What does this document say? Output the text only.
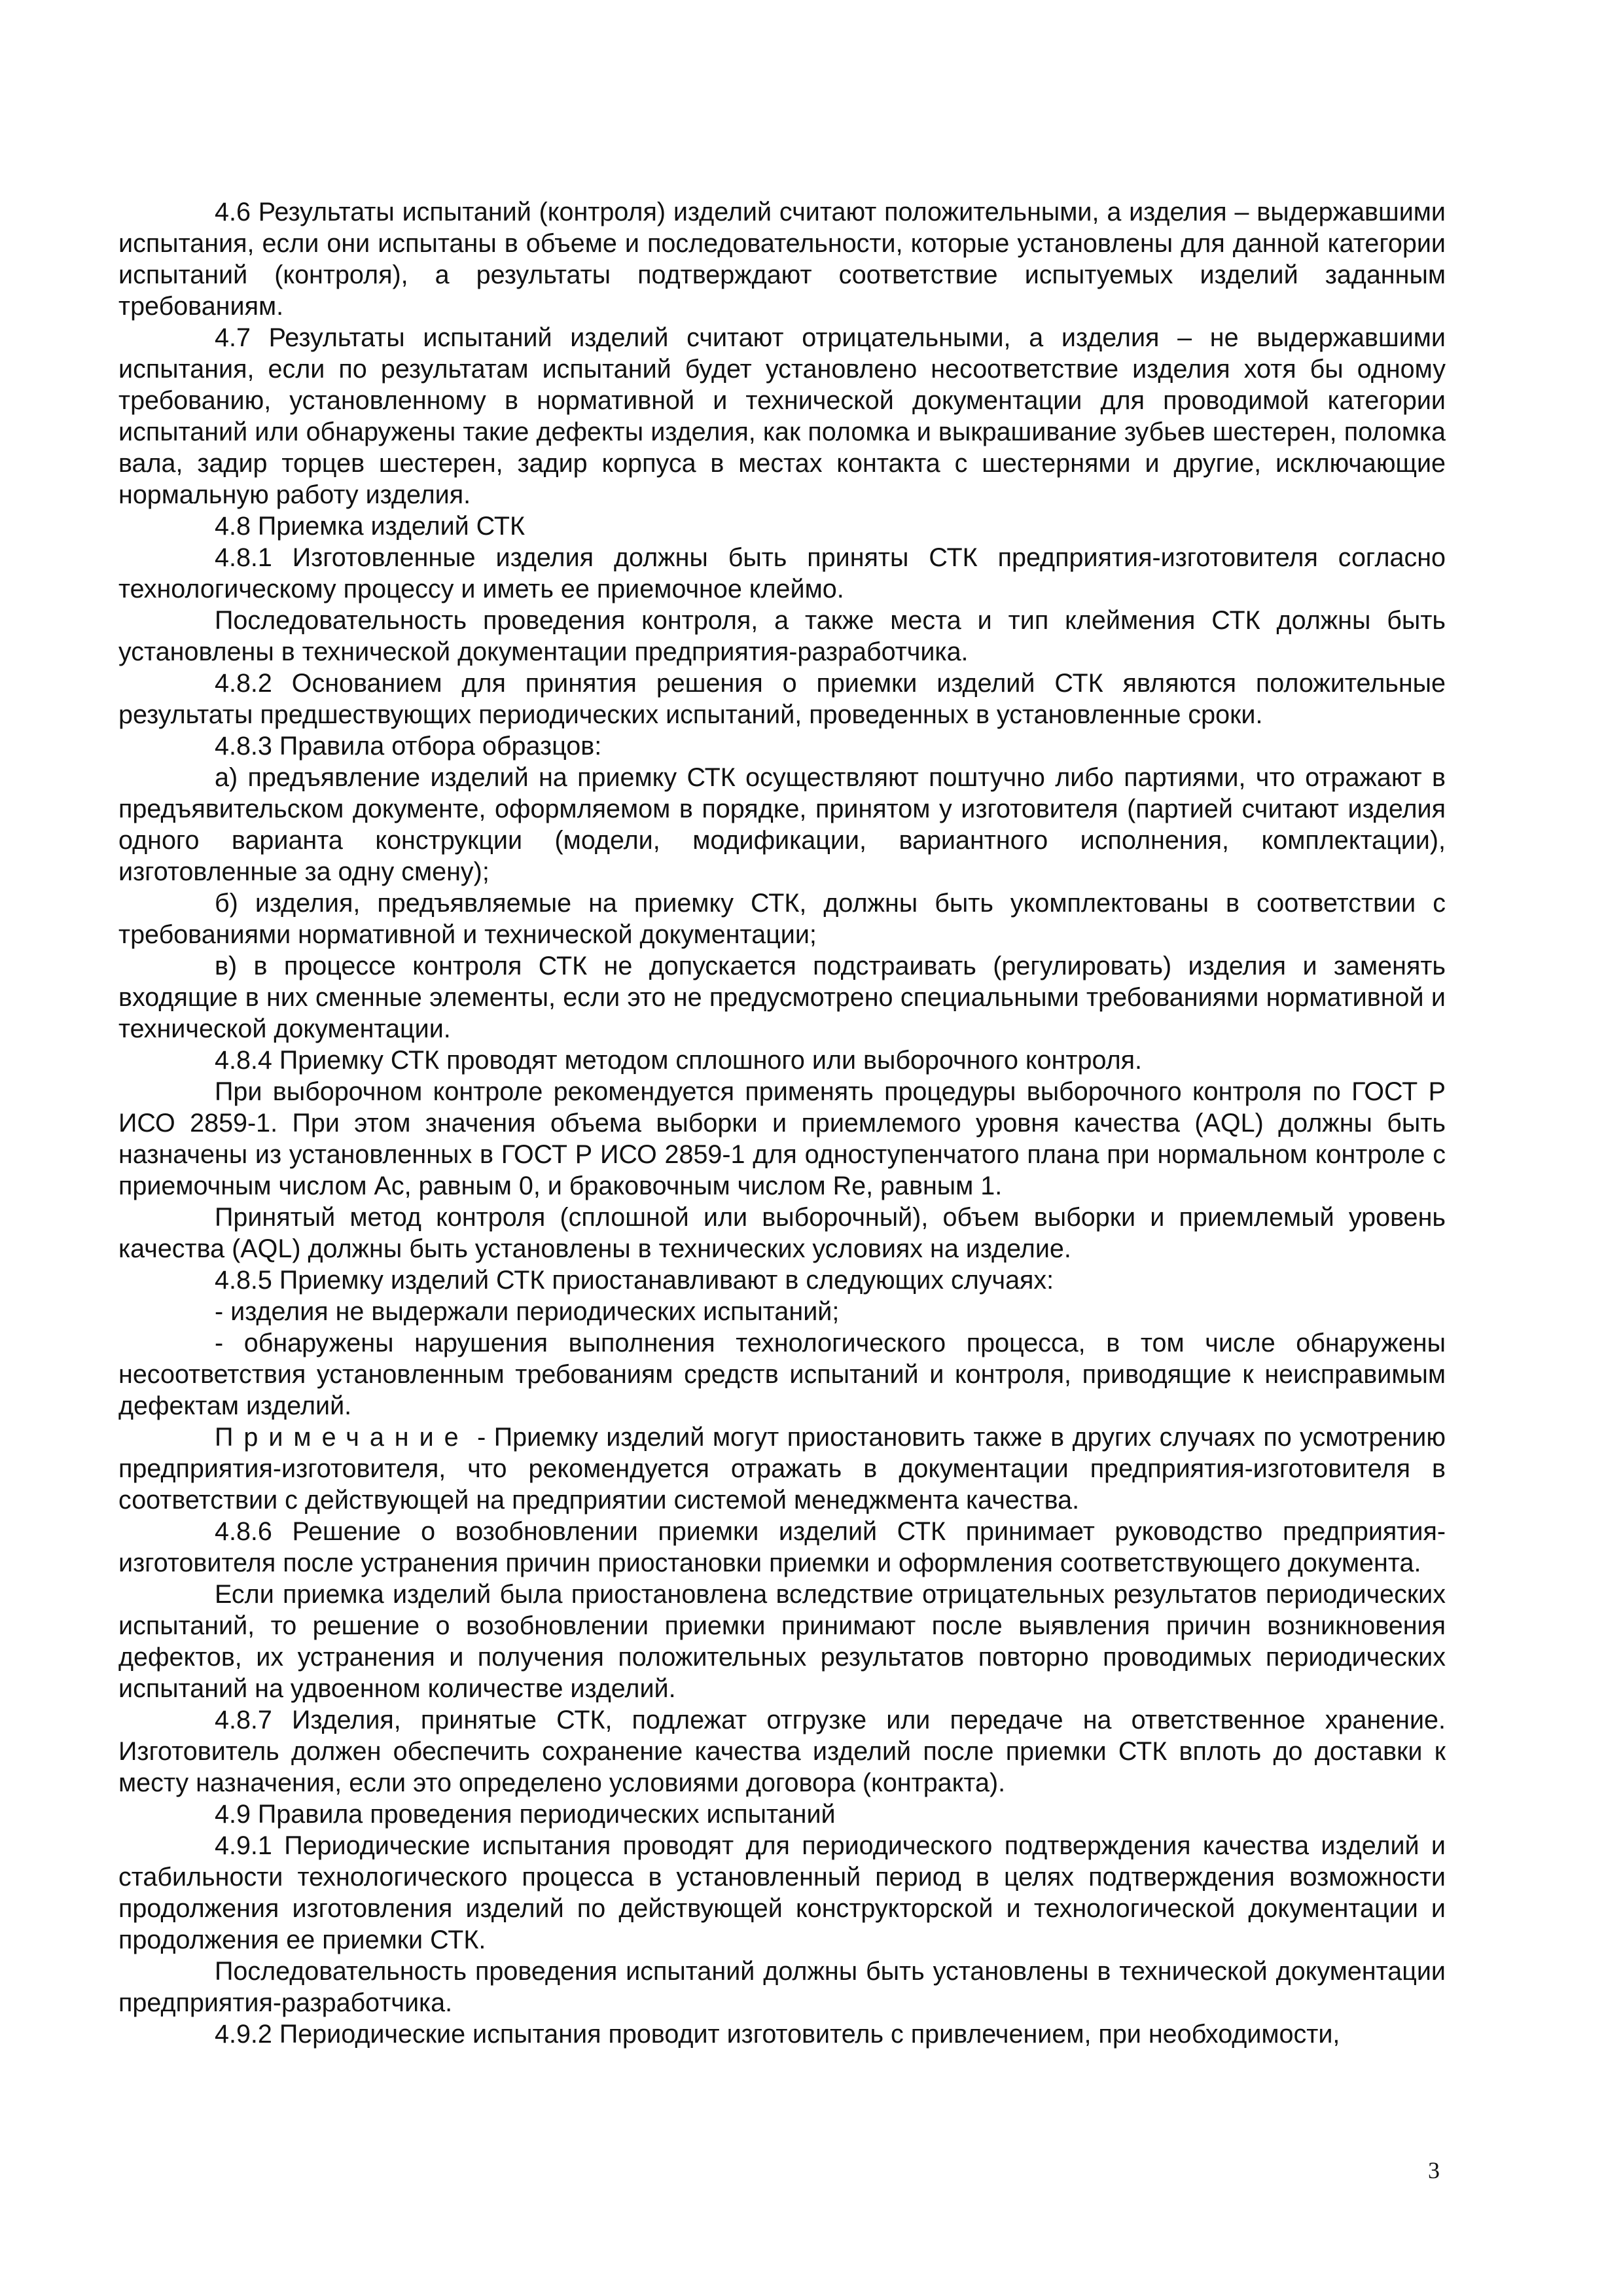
4.6 Результаты испытаний (контроля) изделий считают положительными, а изделия – выдержавшими испытания, если они испытаны в объеме и последовательности, которые установлены для данной категории испытаний (контроля), а результаты подтверждают соответствие испытуемых изделий заданным требованиям.

4.7 Результаты испытаний изделий считают отрицательными, а изделия – не выдержавшими испытания, если по результатам испытаний будет установлено несоответствие изделия хотя бы одному требованию, установленному в нормативной и технической документации для проводимой категории испытаний или обнаружены такие дефекты изделия, как поломка и выкрашивание зубьев шестерен, поломка вала, задир торцев шестерен, задир корпуса в местах контакта с шестернями и другие, исключающие нормальную работу изделия.

4.8 Приемка изделий СТК

4.8.1 Изготовленные изделия должны быть приняты СТК предприятия-изготовителя согласно технологическому процессу и иметь ее приемочное клеймо.

Последовательность проведения контроля, а также места и тип клеймения СТК должны быть установлены в технической документации предприятия-разработчика.

4.8.2 Основанием для принятия решения о приемки изделий СТК являются положительные результаты предшествующих периодических испытаний, проведенных в установленные сроки.

4.8.3 Правила отбора образцов:

а) предъявление изделий на приемку СТК осуществляют поштучно либо партиями, что отражают в предъявительском документе, оформляемом в порядке, принятом у изготовителя (партией считают изделия одного варианта конструкции (модели, модификации, вариантного исполнения, комплектации), изготовленные за одну смену);

б) изделия, предъявляемые на приемку СТК, должны быть укомплектованы в соответствии с требованиями нормативной и технической документации;

в) в процессе контроля СТК не допускается подстраивать (регулировать) изделия и заменять входящие в них сменные элементы, если это не предусмотрено специальными требованиями нормативной и технической документации.

4.8.4 Приемку СТК проводят методом сплошного или выборочного контроля.

При выборочном контроле рекомендуется применять процедуры выборочного контроля по ГОСТ Р ИСО 2859-1. При этом значения объема выборки и приемлемого уровня качества (AQL) должны быть назначены из установленных в ГОСТ Р ИСО 2859-1 для одноступенчатого плана при нормальном контроле с приемочным числом Ас, равным 0, и браковочным числом Re, равным 1.

Принятый метод контроля (сплошной или выборочный), объем выборки и приемлемый уровень качества (AQL) должны быть установлены в технических условиях на изделие.

4.8.5 Приемку изделий СТК приостанавливают в следующих случаях:

- изделия не выдержали периодических испытаний;

- обнаружены нарушения выполнения технологического процесса, в том числе обнаружены несоответствия установленным требованиям средств испытаний и контроля, приводящие к неисправимым дефектам изделий.

Примечание - Приемку изделий могут приостановить также в других случаях по усмотрению предприятия-изготовителя, что рекомендуется отражать в документации предприятия-изготовителя в соответствии с действующей на предприятии системой менеджмента качества.

4.8.6 Решение о возобновлении приемки изделий СТК принимает руководство предприятия-изготовителя после устранения причин приостановки приемки и оформления соответствующего документа.

Если приемка изделий была приостановлена вследствие отрицательных результатов периодических испытаний, то решение о возобновлении приемки принимают после выявления причин возникновения дефектов, их устранения и получения положительных результатов повторно проводимых периодических испытаний на удвоенном количестве изделий.

4.8.7 Изделия, принятые СТК, подлежат отгрузке или передаче на ответственное хранение. Изготовитель должен обеспечить сохранение качества изделий после приемки СТК вплоть до доставки к месту назначения, если это определено условиями договора (контракта).

4.9 Правила проведения периодических испытаний

4.9.1 Периодические испытания проводят для периодического подтверждения качества изделий и стабильности технологического процесса в установленный период в целях подтверждения возможности продолжения изготовления изделий по действующей конструкторской и технологической документации и продолжения ее приемки СТК.

Последовательность проведения испытаний должны быть установлены в технической документации предприятия-разработчика.

4.9.2 Периодические испытания проводит изготовитель с привлечением, при необходимости,

3
